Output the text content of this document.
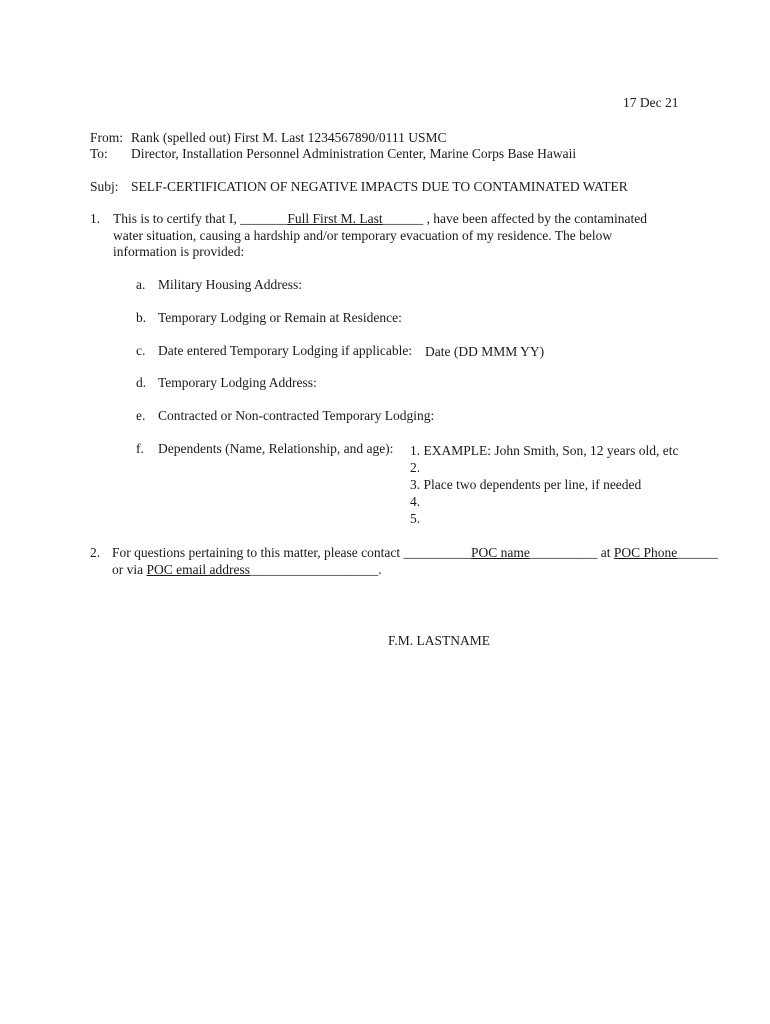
17 Dec 21
From: Rank (spelled out) First M. Last 1234567890/0111 USMC
To: Director, Installation Personnel Administration Center, Marine Corps Base Hawaii
Subj: SELF-CERTIFICATION OF NEGATIVE IMPACTS DUE TO CONTAMINATED WATER
1. This is to certify that I, _______Full First M. Last______ , have been affected by the contaminated
water situation, causing a hardship and/or temporary evacuation of my residence. The below
information is provided:
a. Military Housing Address:
b. Temporary Lodging or Remain at Residence:
c. Date entered Temporary Lodging if applicable: Date (DD MMM YY)
d. Temporary Lodging Address:
e. Contracted or Non-contracted Temporary Lodging:
f. Dependents (Name, Relationship, and age): 1. EXAMPLE: John Smith, Son, 12 years old, etc
2.
3. Place two dependents per line, if needed
4.
5.
2. For questions pertaining to this matter, please contact __________POC name__________ at POC Phone______
or via POC email address___________________.
F.M. LASTNAME
